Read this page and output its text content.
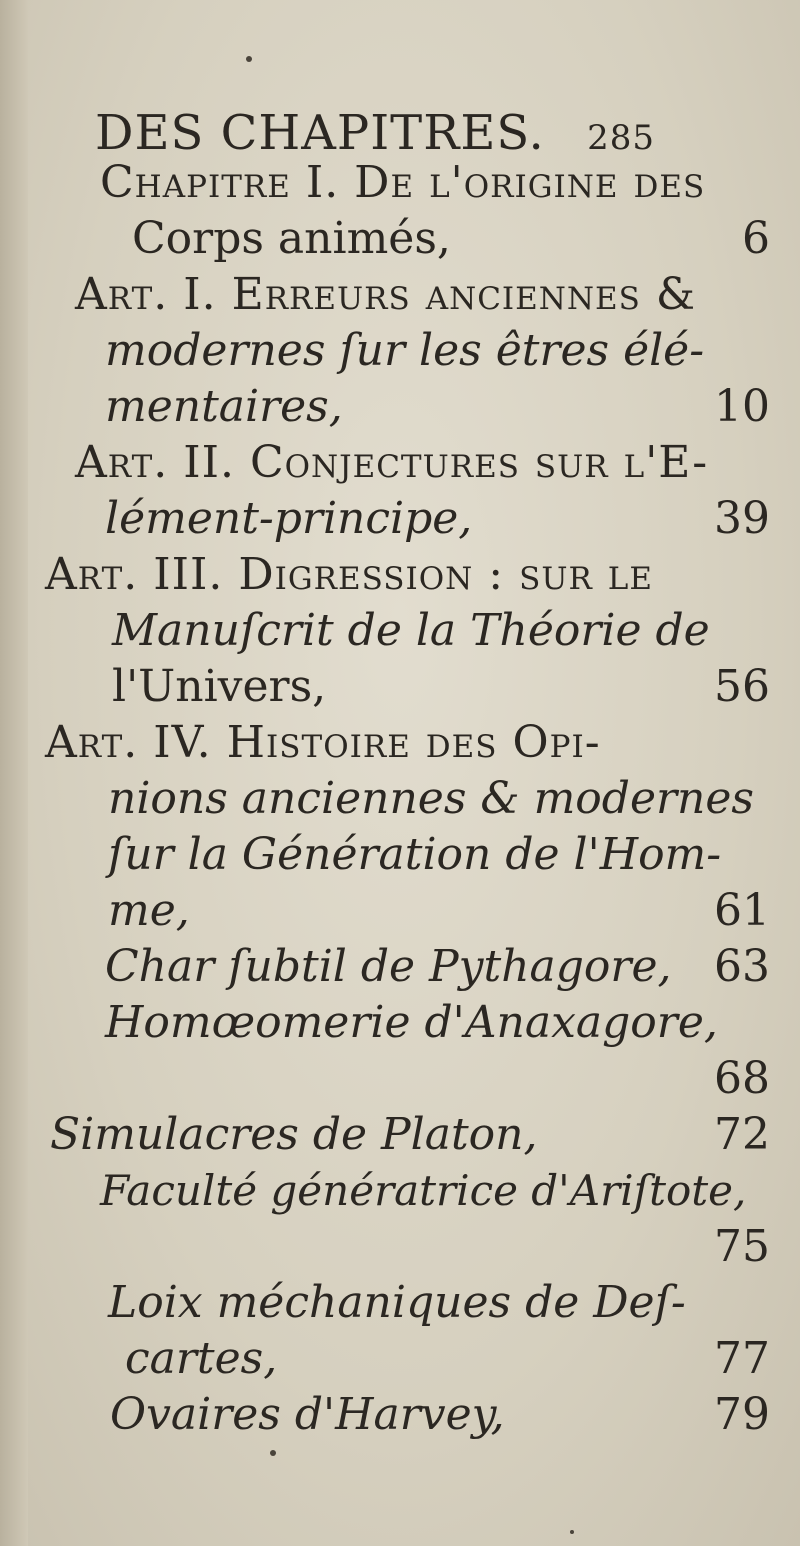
DES CHAPITRES. 285
Chapitre I. De l'origine des
Corps animés,	6
Art. I. Erreurs anciennes &
modernes ſur les êtres élé-
mentaires,	10
Art. II. Conjectures ſur l'E-
lément-principe,	39
Art. III. Digreſſion : ſur le
Manuſcrit de la Théorie de
l'Univers,	56
Art. IV. Hiſtoire des Opi-
nions anciennes & modernes
ſur la Génération de l'Hom-
me,	61
Char ſubtil de Pythagore, 63
Homœomerie d'Anaxagore,
68
Simulacres de Platon,	72
Faculté génératrice d'Ariſtote,
75
Loix méchaniques de Deſ-
cartes,	77
Ovaires d'Harvey,	79
